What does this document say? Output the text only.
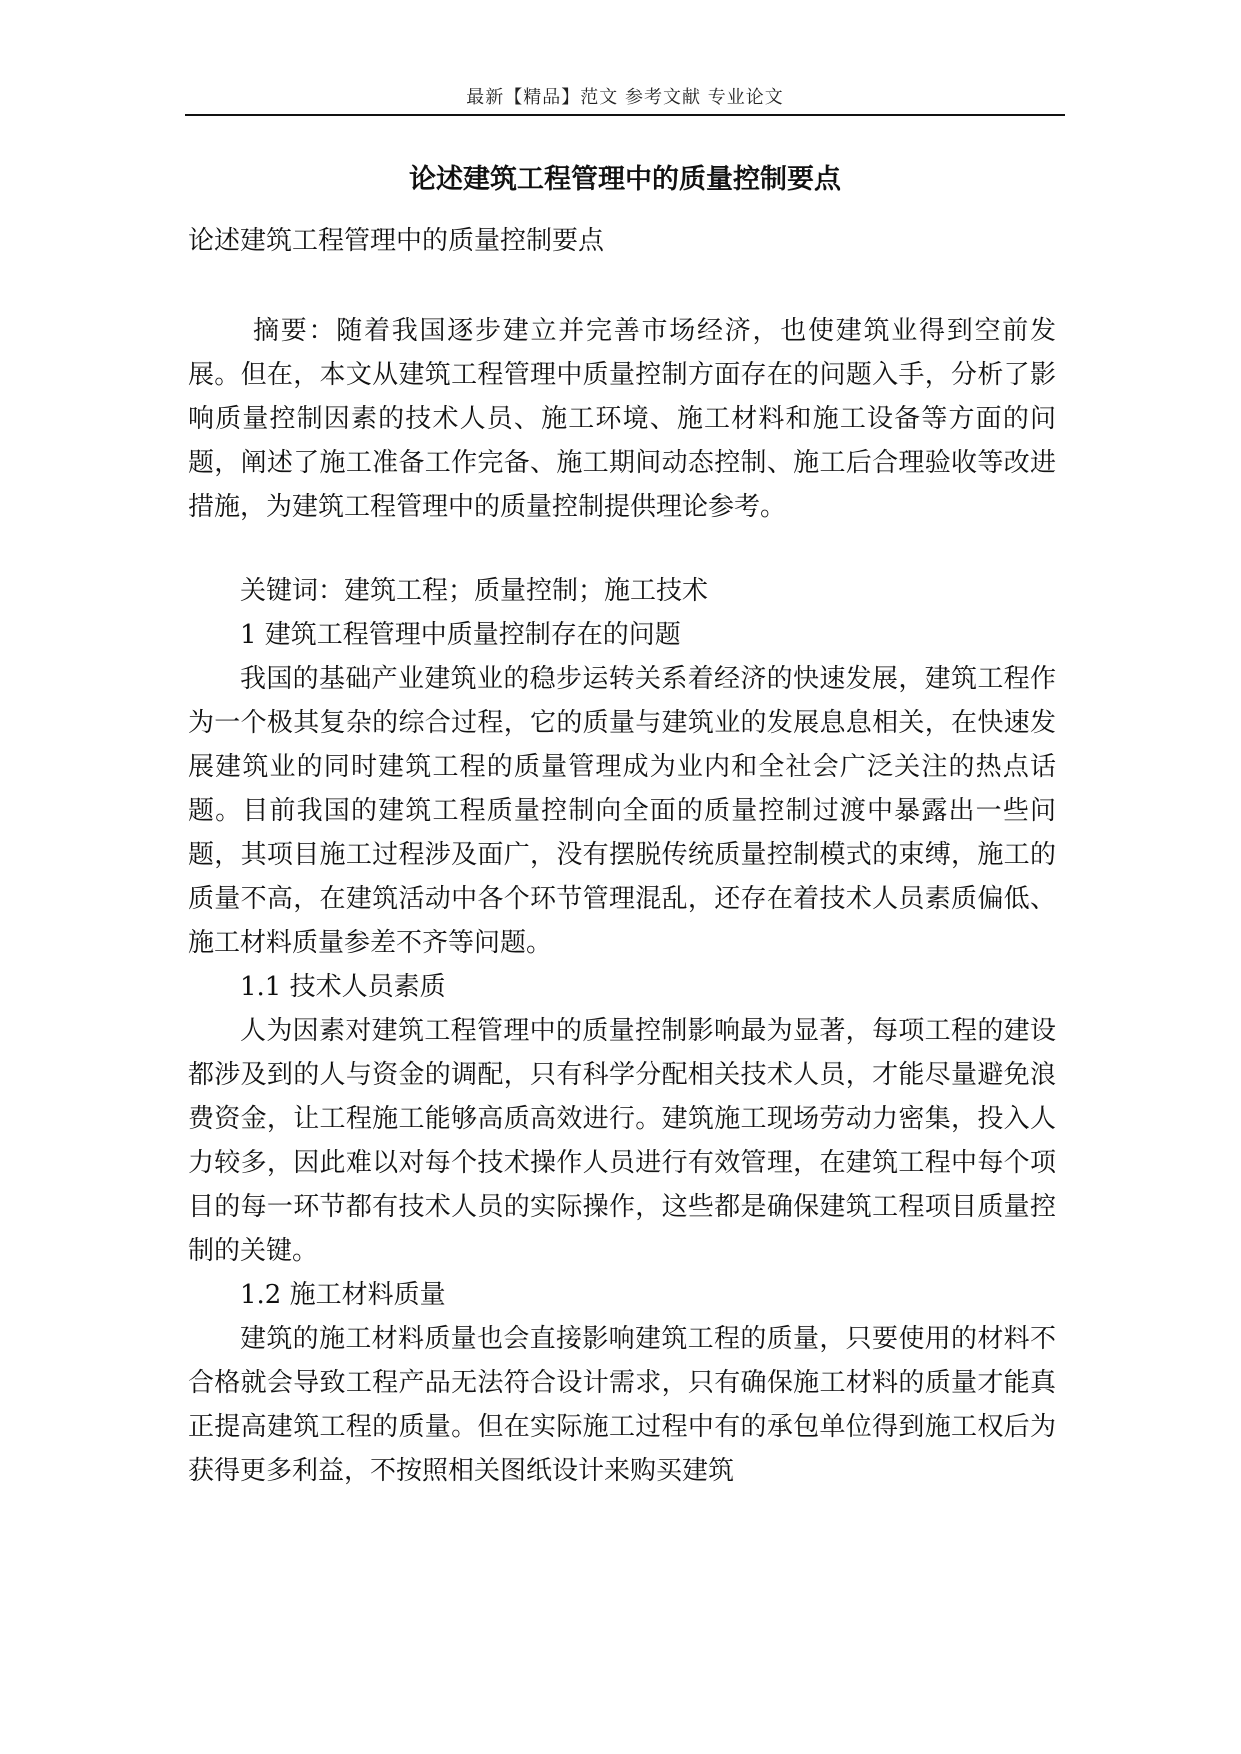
最新【精品】范文 参考文献 专业论文
论述建筑工程管理中的质量控制要点

论述建筑工程管理中的质量控制要点

摘要：随着我国逐步建立并完善市场经济，也使建筑业得到空前发展。但在，本文从建筑工程管理中质量控制方面存在的问题入手，分析了影响质量控制因素的技术人员、施工环境、施工材料和施工设备等方面的问题，阐述了施工准备工作完备、施工期间动态控制、施工后合理验收等改进措施，为建筑工程管理中的质量控制提供理论参考。

关键词：建筑工程；质量控制；施工技术

1 建筑工程管理中质量控制存在的问题

我国的基础产业建筑业的稳步运转关系着经济的快速发展，建筑工程作为一个极其复杂的综合过程，它的质量与建筑业的发展息息相关，在快速发展建筑业的同时建筑工程的质量管理成为业内和全社会广泛关注的热点话题。目前我国的建筑工程质量控制向全面的质量控制过渡中暴露出一些问题，其项目施工过程涉及面广，没有摆脱传统质量控制模式的束缚，施工的质量不高，在建筑活动中各个环节管理混乱，还存在着技术人员素质偏低、施工材料质量参差不齐等问题。

1.1 技术人员素质

人为因素对建筑工程管理中的质量控制影响最为显著，每项工程的建设都涉及到的人与资金的调配，只有科学分配相关技术人员，才能尽量避免浪费资金，让工程施工能够高质高效进行。建筑施工现场劳动力密集，投入人力较多，因此难以对每个技术操作人员进行有效管理，在建筑工程中每个项目的每一环节都有技术人员的实际操作，这些都是确保建筑工程项目质量控制的关键。

1.2 施工材料质量

建筑的施工材料质量也会直接影响建筑工程的质量，只要使用的材料不合格就会导致工程产品无法符合设计需求，只有确保施工材料的质量才能真正提高建筑工程的质量。但在实际施工过程中有的承包单位得到施工权后为获得更多利益，不按照相关图纸设计来购买建筑
